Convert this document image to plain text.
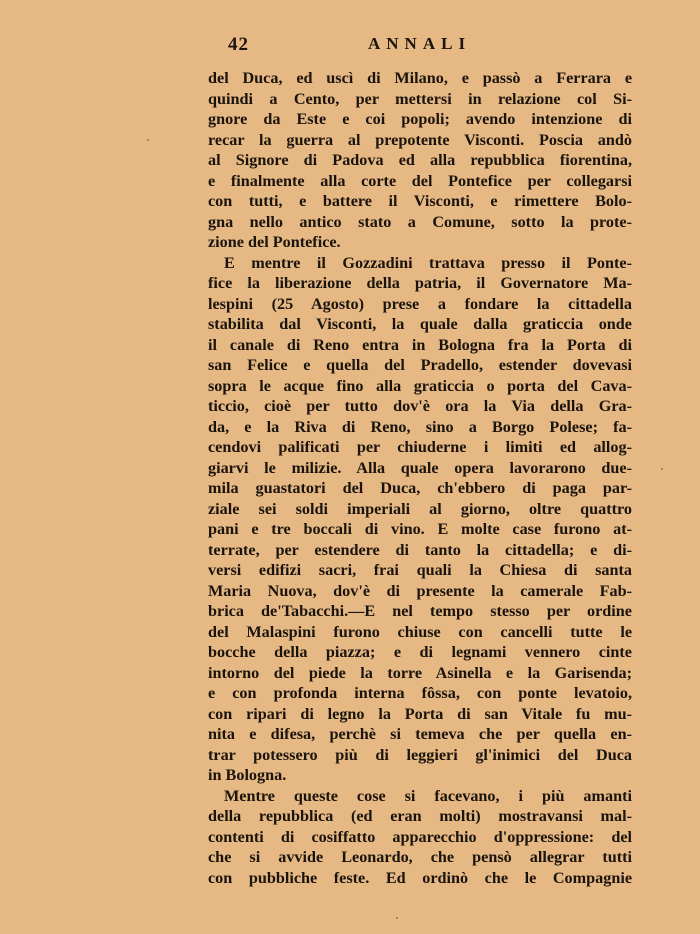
42	ANNALI
del Duca, ed uscì di Milano, e passò a Ferrara e
quindi a Cento, per mettersi in relazione col Si-
gnore da Este e coi popoli; avendo intenzione di
recar la guerra al prepotente Visconti. Poscia andò
al Signore di Padova ed alla repubblica fiorentina,
e finalmente alla corte del Pontefice per collegarsi
con tutti, e battere il Visconti, e rimettere Bolo-
gna nello antico stato a Comune, sotto la prote-
zione del Pontefice.
E mentre il Gozzadini trattava presso il Ponte-
fice la liberazione della patria, il Governatore Ma-
lespini (25 Agosto) prese a fondare la cittadella
stabilita dal Visconti, la quale dalla graticcia onde
il canale di Reno entra in Bologna fra la Porta di
san Felice e quella del Pradello, estender dovevasi
sopra le acque fino alla graticcia o porta del Cava-
ticcio, cioè per tutto dov'è ora la Via della Gra-
da, e la Riva di Reno, sino a Borgo Polese; fa-
cendovi palificati per chiuderne i limiti ed allog-
giarvi le milizie. Alla quale opera lavorarono due-
mila guastatori del Duca, ch'ebbero di paga par-
ziale sei soldi imperiali al giorno, oltre quattro
pani e tre boccali di vino. E molte case furono at-
terrate, per estendere di tanto la cittadella; e di-
versi edifizi sacri, frai quali la Chiesa di santa
Maria Nuova, dov'è di presente la camerale Fab-
brica de'Tabacchi.—E nel tempo stesso per ordine
del Malaspini furono chiuse con cancelli tutte le
bocche della piazza; e di legnami vennero cinte
intorno del piede la torre Asinella e la Garisenda;
e con profonda interna fôssa, con ponte levatoio,
con ripari di legno la Porta di san Vitale fu mu-
nita e difesa, perchè si temeva che per quella en-
trar potessero più di leggieri gl'inimici del Duca
in Bologna.
Mentre queste cose si facevano, i più amanti
della repubblica (ed eran molti) mostravansi mal-
contenti di cosiffatto apparecchio d'oppressione: del
che si avvide Leonardo, che pensò allegrar tutti
con pubbliche feste. Ed ordinò che le Compagnie
